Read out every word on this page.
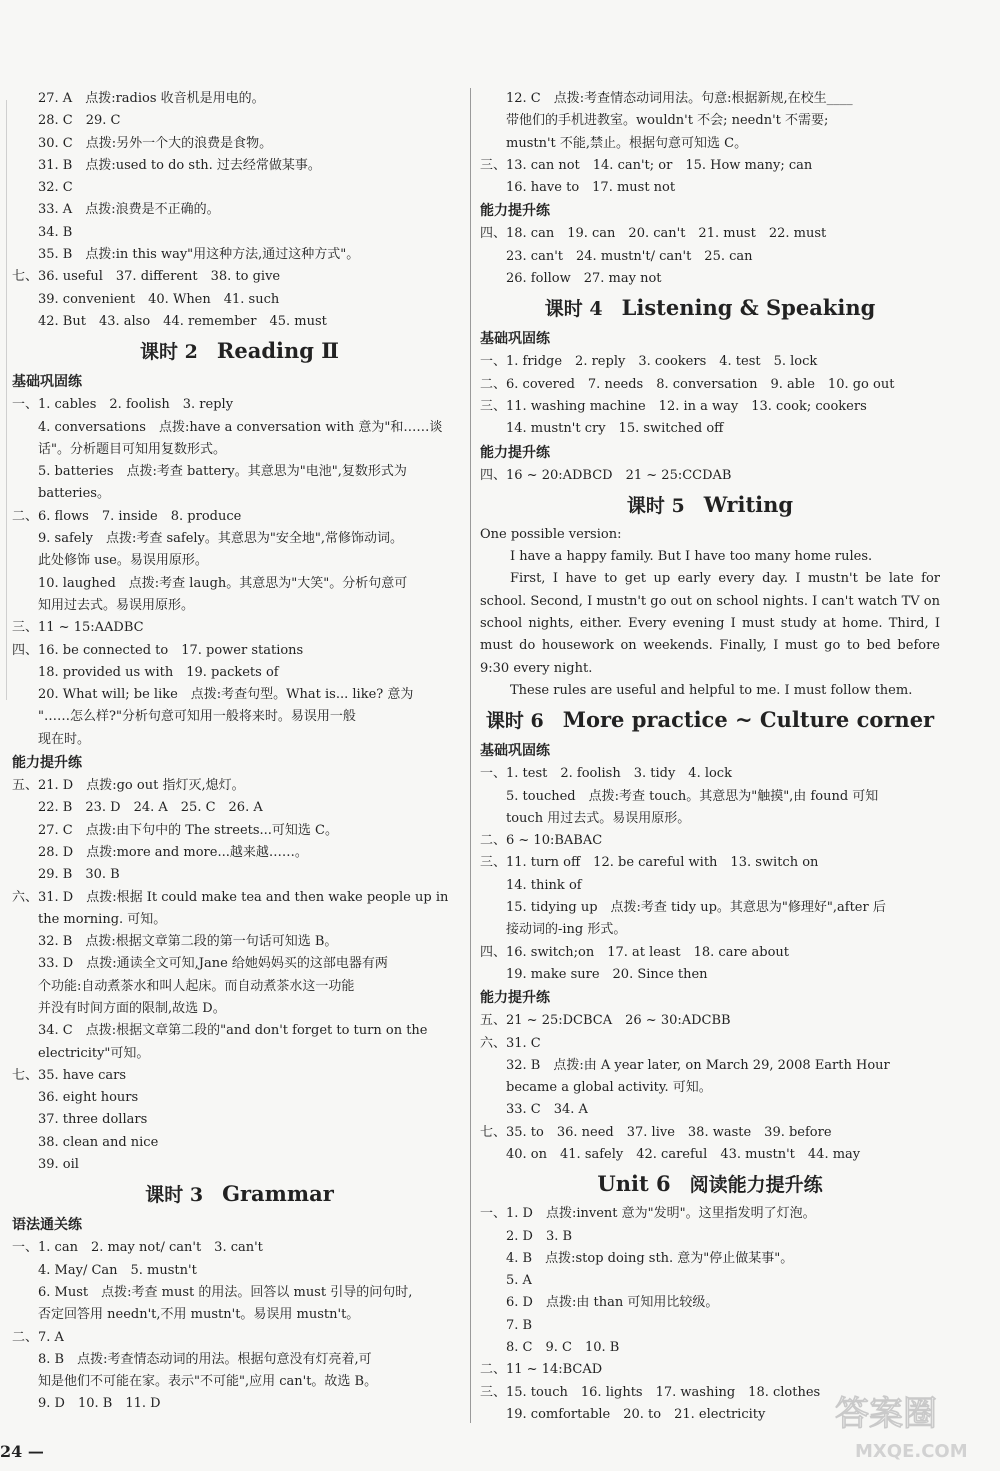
27. A　点拨:radios 收音机是用电的。
28. C　29. C
30. C　点拨:另外一个大的浪费是食物。
31. B　点拨:used to do sth. 过去经常做某事。
32. C
33. A　点拨:浪费是不正确的。
34. B
35. B　点拨:in this way"用这种方法,通过这种方式"。
七、36. useful　37. different　38. to give
39. convenient　40. When　41. such
42. But　43. also　44. remember　45. must
课时 2　 Reading Ⅱ
基础巩固练
一、1. cables　2. foolish　3. reply
4. conversations　点拨:have a conversation with 意为"和……谈
话"。分析题目可知用复数形式。
5. batteries　点拨:考查 battery。其意思为"电池",复数形式为
batteries。
二、6. flows　7. inside　8. produce
9. safely　点拨:考查 safely。其意思为"安全地",常修饰动词。
此处修饰 use。易误用原形。
10. laughed　点拨:考查 laugh。其意思为"大笑"。分析句意可
知用过去式。易误用原形。
三、11 ~ 15:AADBC
四、16. be connected to　17. power stations
18. provided us with　19. packets of
20. What will; be like　点拨:考查句型。What is... like? 意为
"……怎么样?"分析句意可知用一般将来时。易误用一般
现在时。
能力提升练
五、21. D　点拨:go out 指灯灭,熄灯。
22. B　23. D　24. A　25. C　26. A
27. C　点拨:由下句中的 The streets...可知选 C。
28. D　点拨:more and more...越来越……。
29. B　30. B
六、31. D　点拨:根据 It could make tea and then wake people up in
the morning. 可知。
32. B　点拨:根据文章第二段的第一句话可知选 B。
33. D　点拨:通读全文可知,Jane 给她妈妈买的这部电器有两
个功能:自动煮茶水和叫人起床。而自动煮茶水这一功能
并没有时间方面的限制,故选 D。
34. C　点拨:根据文章第二段的"and don't forget to turn on the
electricity"可知。
七、35. have cars
36. eight hours
37. three dollars
38. clean and nice
39. oil
课时 3　 Grammar
语法通关练
一、1. can　2. may not/ can't　3. can't
4. May/ Can　5. mustn't
6. Must　点拨:考查 must 的用法。回答以 must 引导的问句时,
否定回答用 needn't,不用 mustn't。易误用 mustn't。
二、7. A
8. B　点拨:考查情态动词的用法。根据句意没有灯亮着,可
知是他们不可能在家。表示"不可能",应用 can't。故选 B。
9. D　10. B　11. D
12. C　点拨:考查情态动词用法。句意:根据新规,在校生____
带他们的手机进教室。wouldn't 不会; needn't 不需要;
mustn't 不能,禁止。根据句意可知选 C。
三、13. can not　14. can't; or　15. How many; can
16. have to　17. must not
能力提升练
四、18. can　19. can　20. can't　21. must　22. must
23. can't　24. mustn't/ can't　25. can
26. follow　27. may not
课时 4　 Listening & Speaking
基础巩固练
一、1. fridge　2. reply　3. cookers　4. test　5. lock
二、6. covered　7. needs　8. conversation　9. able　10. go out
三、11. washing machine　12. in a way　13. cook; cookers
14. mustn't cry　15. switched off
能力提升练
四、16 ~ 20:ADBCD　21 ~ 25:CCDAB
课时 5　 Writing
One possible version:
I have a happy family. But I have too many home rules.
First, I have to get up early every day. I mustn't be late for school. Second, I mustn't go out on school nights. I can't watch TV on school nights, either. Every evening I must study at home. Third, I must do housework on weekends. Finally, I must go to bed before 9:30 every night.
These rules are useful and helpful to me. I must follow them.
课时 6　 More practice ~ Culture corner
基础巩固练
一、1. test　2. foolish　3. tidy　4. lock
5. touched　点拨:考查 touch。其意思为"触摸",由 found 可知
touch 用过去式。易误用原形。
二、6 ~ 10:BABAC
三、11. turn off　12. be careful with　13. switch on
14. think of
15. tidying up　点拨:考查 tidy up。其意思为"修理好",after 后
接动词的-ing 形式。
四、16. switch;on　17. at least　18. care about
19. make sure　20. Since then
能力提升练
五、21 ~ 25:DCBCA　26 ~ 30:ADCBB
六、31. C
32. B　点拨:由 A year later, on March 29, 2008 Earth Hour
became a global activity. 可知。
33. C　34. A
七、35. to　36. need　37. live　38. waste　39. before
40. on　41. safely　42. careful　43. mustn't　44. may
Unit 6　 阅读能力提升练
一、1. D　点拨:invent 意为"发明"。这里指发明了灯泡。
2. D　3. B
4. B　点拨:stop doing sth. 意为"停止做某事"。
5. A
6. D　点拨:由 than 可知用比较级。
7. B
8. C　9. C　10. B
二、11 ~ 14:BCAD
三、15. touch　16. lights　17. washing　18. clothes
19. comfortable　20. to　21. electricity
24 —
答案圈
MXQE.COM
